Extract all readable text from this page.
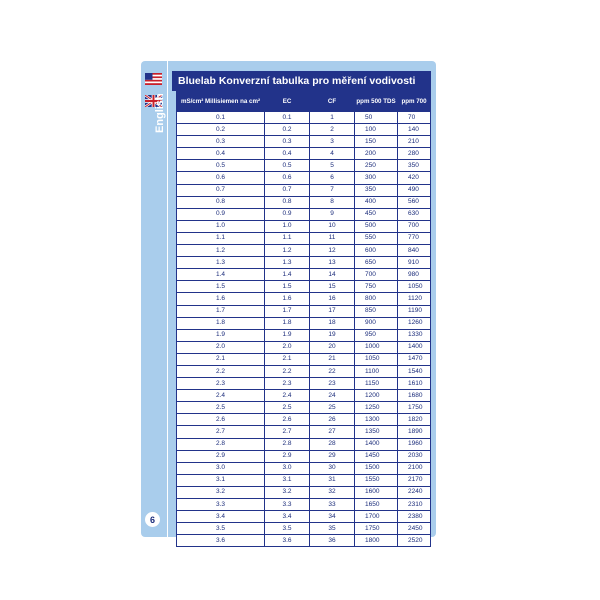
English
6
Bluelab Konverzní tabulka pro měření vodivosti
mS/cm² Millisiemen na cm²	EC	CF	ppm 500 TDS	ppm 700
0.1	0.1	1	50	70
0.2	0.2	2	100	140
0.3	0.3	3	150	210
0.4	0.4	4	200	280
0.5	0.5	5	250	350
0.6	0.6	6	300	420
0.7	0.7	7	350	490
0.8	0.8	8	400	560
0.9	0.9	9	450	630
1.0	1.0	10	500	700
1.1	1.1	11	550	770
1.2	1.2	12	600	840
1.3	1.3	13	650	910
1.4	1.4	14	700	980
1.5	1.5	15	750	1050
1.6	1.6	16	800	1120
1.7	1.7	17	850	1190
1.8	1.8	18	900	1260
1.9	1.9	19	950	1330
2.0	2.0	20	1000	1400
2.1	2.1	21	1050	1470
2.2	2.2	22	1100	1540
2.3	2.3	23	1150	1610
2.4	2.4	24	1200	1680
2.5	2.5	25	1250	1750
2.6	2.6	26	1300	1820
2.7	2.7	27	1350	1890
2.8	2.8	28	1400	1960
2.9	2.9	29	1450	2030
3.0	3.0	30	1500	2100
3.1	3.1	31	1550	2170
3.2	3.2	32	1600	2240
3.3	3.3	33	1650	2310
3.4	3.4	34	1700	2380
3.5	3.5	35	1750	2450
3.6	3.6	36	1800	2520
